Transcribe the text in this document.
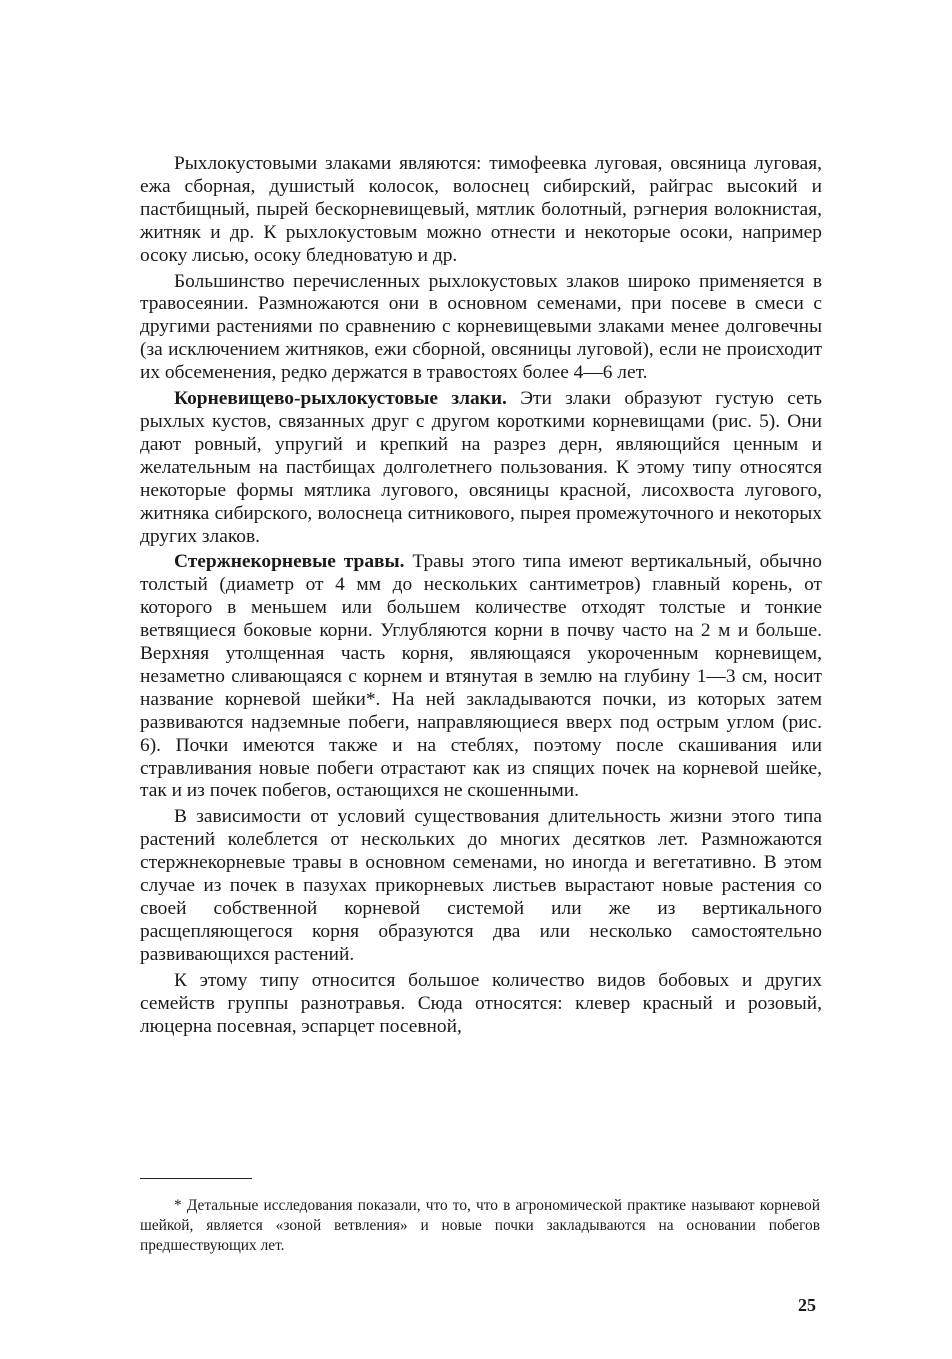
Рыхлокустовыми злаками являются: тимофеевка луговая, овсяница луговая, ежа сборная, душистый колосок, волоснец сибирский, райграс высокий и пастбищный, пырей бескорневищевый, мятлик болотный, рэгнерия волокнистая, житняк и др. К рыхлокустовым можно отнести и некоторые осоки, например осоку лисью, осоку бледноватую и др.

Большинство перечисленных рыхлокустовых злаков широко применяется в травосеянии. Размножаются они в основном семенами, при посеве в смеси с другими растениями по сравнению с корневищевыми злаками менее долговечны (за исключением житняков, ежи сборной, овсяницы луговой), если не происходит их обсеменения, редко держатся в травостоях более 4—6 лет.

Корневищево-рыхлокустовые злаки. Эти злаки образуют густую сеть рыхлых кустов, связанных друг с другом короткими корневищами (рис. 5). Они дают ровный, упругий и крепкий на разрез дерн, являющийся ценным и желательным на пастбищах долголетнего пользования. К этому типу относятся некоторые формы мятлика лугового, овсяницы красной, лисохвоста лугового, житняка сибирского, волоснеца ситникового, пырея промежуточного и некоторых других злаков.

Стержнекорневые травы. Травы этого типа имеют вертикальный, обычно толстый (диаметр от 4 мм до нескольких сантиметров) главный корень, от которого в меньшем или большем количестве отходят толстые и тонкие ветвящиеся боковые корни. Углубляются корни в почву часто на 2 м и больше. Верхняя утолщенная часть корня, являющаяся укороченным корневищем, незаметно сливающаяся с корнем и втянутая в землю на глубину 1—3 см, носит название корневой шейки*. На ней закладываются почки, из которых затем развиваются надземные побеги, направляющиеся вверх под острым углом (рис. 6). Почки имеются также и на стеблях, поэтому после скашивания или стравливания новые побеги отрастают как из спящих почек на корневой шейке, так и из почек побегов, остающихся не скошенными.

В зависимости от условий существования длительность жизни этого типа растений колеблется от нескольких до многих десятков лет. Размножаются стержнекорневые травы в основном семенами, но иногда и вегетативно. В этом случае из почек в пазухах прикорневых листьев вырастают новые растения со своей собственной корневой системой или же из вертикального расщепляющегося корня образуются два или несколько самостоятельно развивающихся растений.

К этому типу относится большое количество видов бобовых и других семейств группы разнотравья. Сюда относятся: клевер красный и розовый, люцерна посевная, эспарцет посевной,

* Детальные исследования показали, что то, что в агрономической практике называют корневой шейкой, является «зоной ветвления» и новые почки закладываются на основании побегов предшествующих лет.
25
